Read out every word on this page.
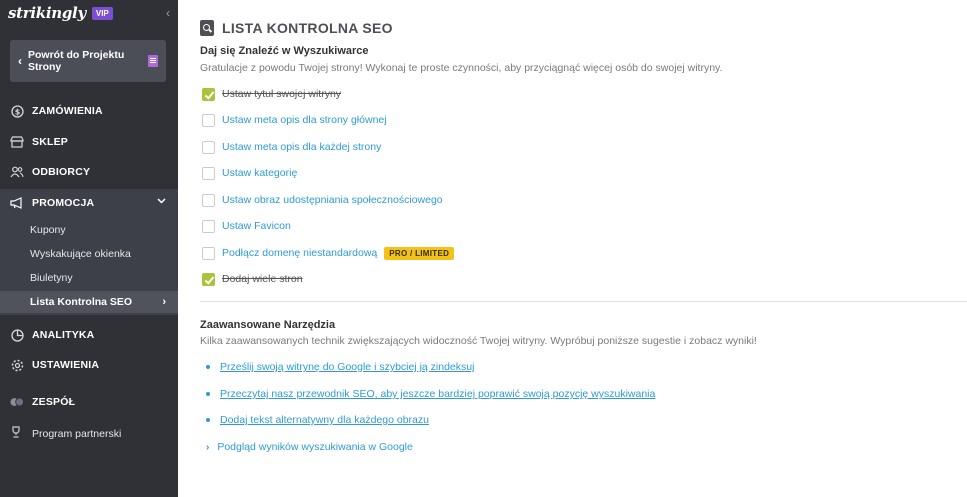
strikingly	VIP	‹
‹ Powrót do Projektu Strony
$ ZAMÓWIENIA
SKLEP
ODBIORCY
PROMOCJA
Kupony
Wyskakujące okienka
Biuletyny
Lista Kontrolna SEO	›
ANALITYKA
USTAWIENIA
ZESPÓŁ
Program partnerski
LISTA KONTROLNA SEO
Daj się Znaleźć w Wyszukiwarce
Gratulacje z powodu Twojej strony! Wykonaj te proste czynności, aby przyciągnąć więcej osób do swojej witryny.
Ustaw tytuł swojej witryny
Ustaw meta opis dla strony głównej
Ustaw meta opis dla każdej strony
Ustaw kategorię
Ustaw obraz udostępniania społecznościowego
Ustaw Favicon
Podłącz domenę niestandardową	PRO / LIMITED
Dodaj wiele stron
Zaawansowane Narzędzia
Kilka zaawansowanych technik zwiększających widoczność Twojej witryny. Wypróbuj poniższe sugestie i zobacz wyniki!
Prześlij swoją witrynę do Google i szybciej ją zindeksuj
Przeczytaj nasz przewodnik SEO, aby jeszcze bardziej poprawić swoją pozycję wyszukiwania
Dodaj tekst alternatywny dla każdego obrazu
› Podgląd wyników wyszukiwania w Google
